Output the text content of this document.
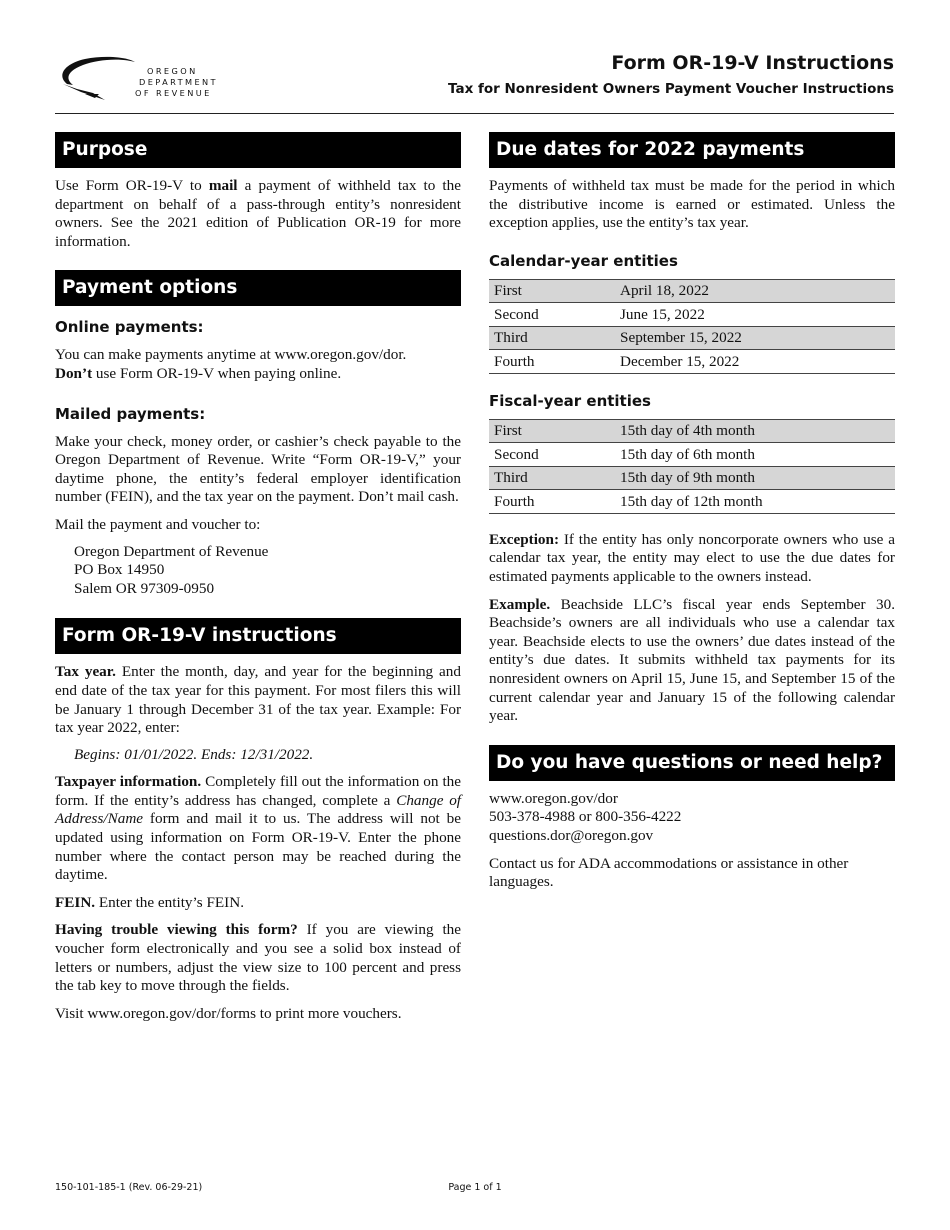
OREGON
DEPARTMENT
OF REVENUE
Form OR-19-V Instructions
Tax for Nonresident Owners Payment Voucher Instructions
Purpose

Use Form OR-19-V to mail a payment of withheld tax to the department on behalf of a pass-through entity’s nonresident owners. See the 2021 edition of Publication OR-19 for more information.

Payment options
Online payments:

You can make payments anytime at www.oregon.gov/dor.
Don’t use Form OR-19-V when paying online.

Mailed payments:

Make your check, money order, or cashier’s check payable to the Oregon Department of Revenue. Write “Form OR-19-V,” your daytime phone, the entity’s federal employer identification number (FEIN), and the tax year on the payment. Don’t mail cash.

Mail the payment and voucher to:

Oregon Department of Revenue
PO Box 14950
Salem OR 97309-0950
Form OR-19-V instructions

Tax year. Enter the month, day, and year for the beginning and end date of the tax year for this payment. For most filers this will be January 1 through December 31 of the tax year. Example: For tax year 2022, enter:

Begins: 01/01/2022. Ends: 12/31/2022.

Taxpayer information. Completely fill out the information on the form. If the entity’s address has changed, complete a Change of Address/Name form and mail it to us. The address will not be updated using information on Form OR-19-V. Enter the phone number where the contact person may be reached during the daytime.

FEIN. Enter the entity’s FEIN.

Having trouble viewing this form? If you are viewing the voucher form electronically and you see a solid box instead of letters or numbers, adjust the view size to 100 percent and press the tab key to move through the fields.

Visit www.oregon.gov/dor/forms to print more vouchers.

Due dates for 2022 payments

Payments of withheld tax must be made for the period in which the distributive income is earned or estimated. Unless the exception applies, use the entity’s tax year.

Calendar-year entities
First	April 18, 2022
Second	June 15, 2022
Third	September 15, 2022
Fourth	December 15, 2022
Fiscal-year entities
First	15th day of 4th month
Second	15th day of 6th month
Third	15th day of 9th month
Fourth	15th day of 12th month

Exception: If the entity has only noncorporate owners who use a calendar tax year, the entity may elect to use the due dates for estimated payments applicable to the owners instead.

Example. Beachside LLC’s fiscal year ends September 30. Beachside’s owners are all individuals who use a calendar tax year. Beachside elects to use the owners’ due dates instead of the entity’s due dates. It submits withheld tax payments for its nonresident owners on April 15, June 15, and September 15 of the current calendar year and January 15 of the following calendar year.

Do you have questions or need help?
www.oregon.gov/dor
503-378-4988 or 800-356-4222
questions.dor@oregon.gov

Contact us for ADA accommodations or assistance in other languages.

150-101-185-1 (Rev. 06-29-21)	Page 1 of 1
